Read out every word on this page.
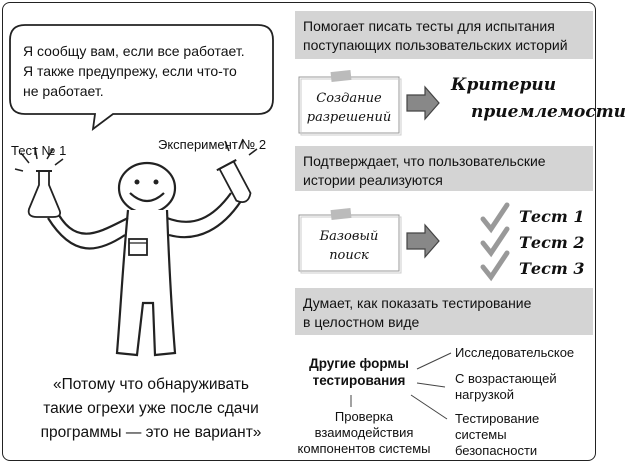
Я сообщу вам, если все работает.
Я также предупрежу, если что-то
не работает.
Тест № 1	Эксперимент № 2
«Потому что обнаруживать
такие огрехи уже после сдачи
программы — это не вариант»
Помогает писать тесты для испытания
поступающих пользовательских историй
Создание
разрешений
Критерии
приемлемости
Подтверждает, что пользовательские
истории реализуются
Базовый
поиск
Тест 1
Тест 2
Тест 3
Думает, как показать тестирование
в целостном виде
Другие формы
тестирования
Исследовательское
С возрастающей
нагрузкой
Тестирование
системы
безопасности
Проверка
взаимодействия
компонентов системы
